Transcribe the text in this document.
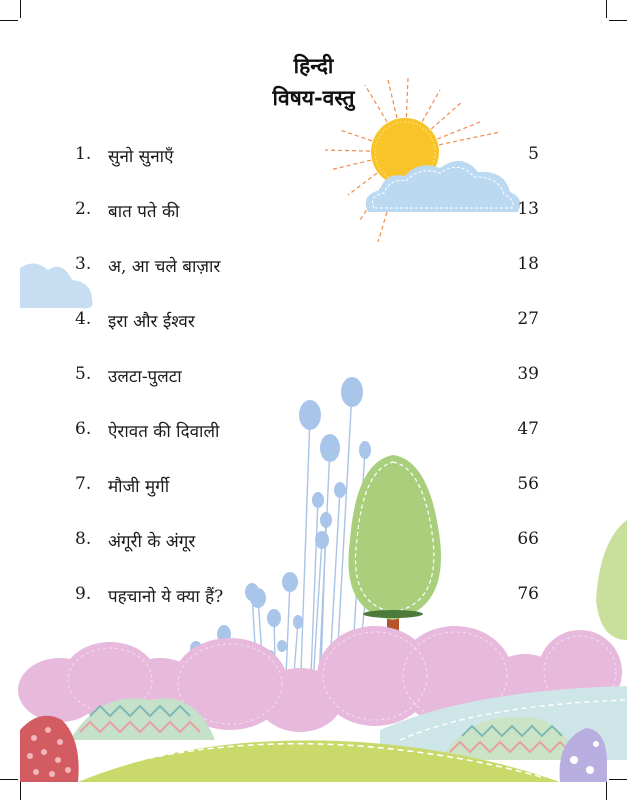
हिन्दी
विषय-वस्तु
1. सुनो सुनाएँ	5
2. बात पते की	13
3. अ, आ चले बाज़ार	18
4. इरा और ईश्वर	27
5. उलटा-पुलटा	39
6. ऐरावत की दिवाली	47
7. मौजी मुर्गी	56
8. अंगूरी के अंगूर	66
9. पहचानो ये क्या हैं?	76
